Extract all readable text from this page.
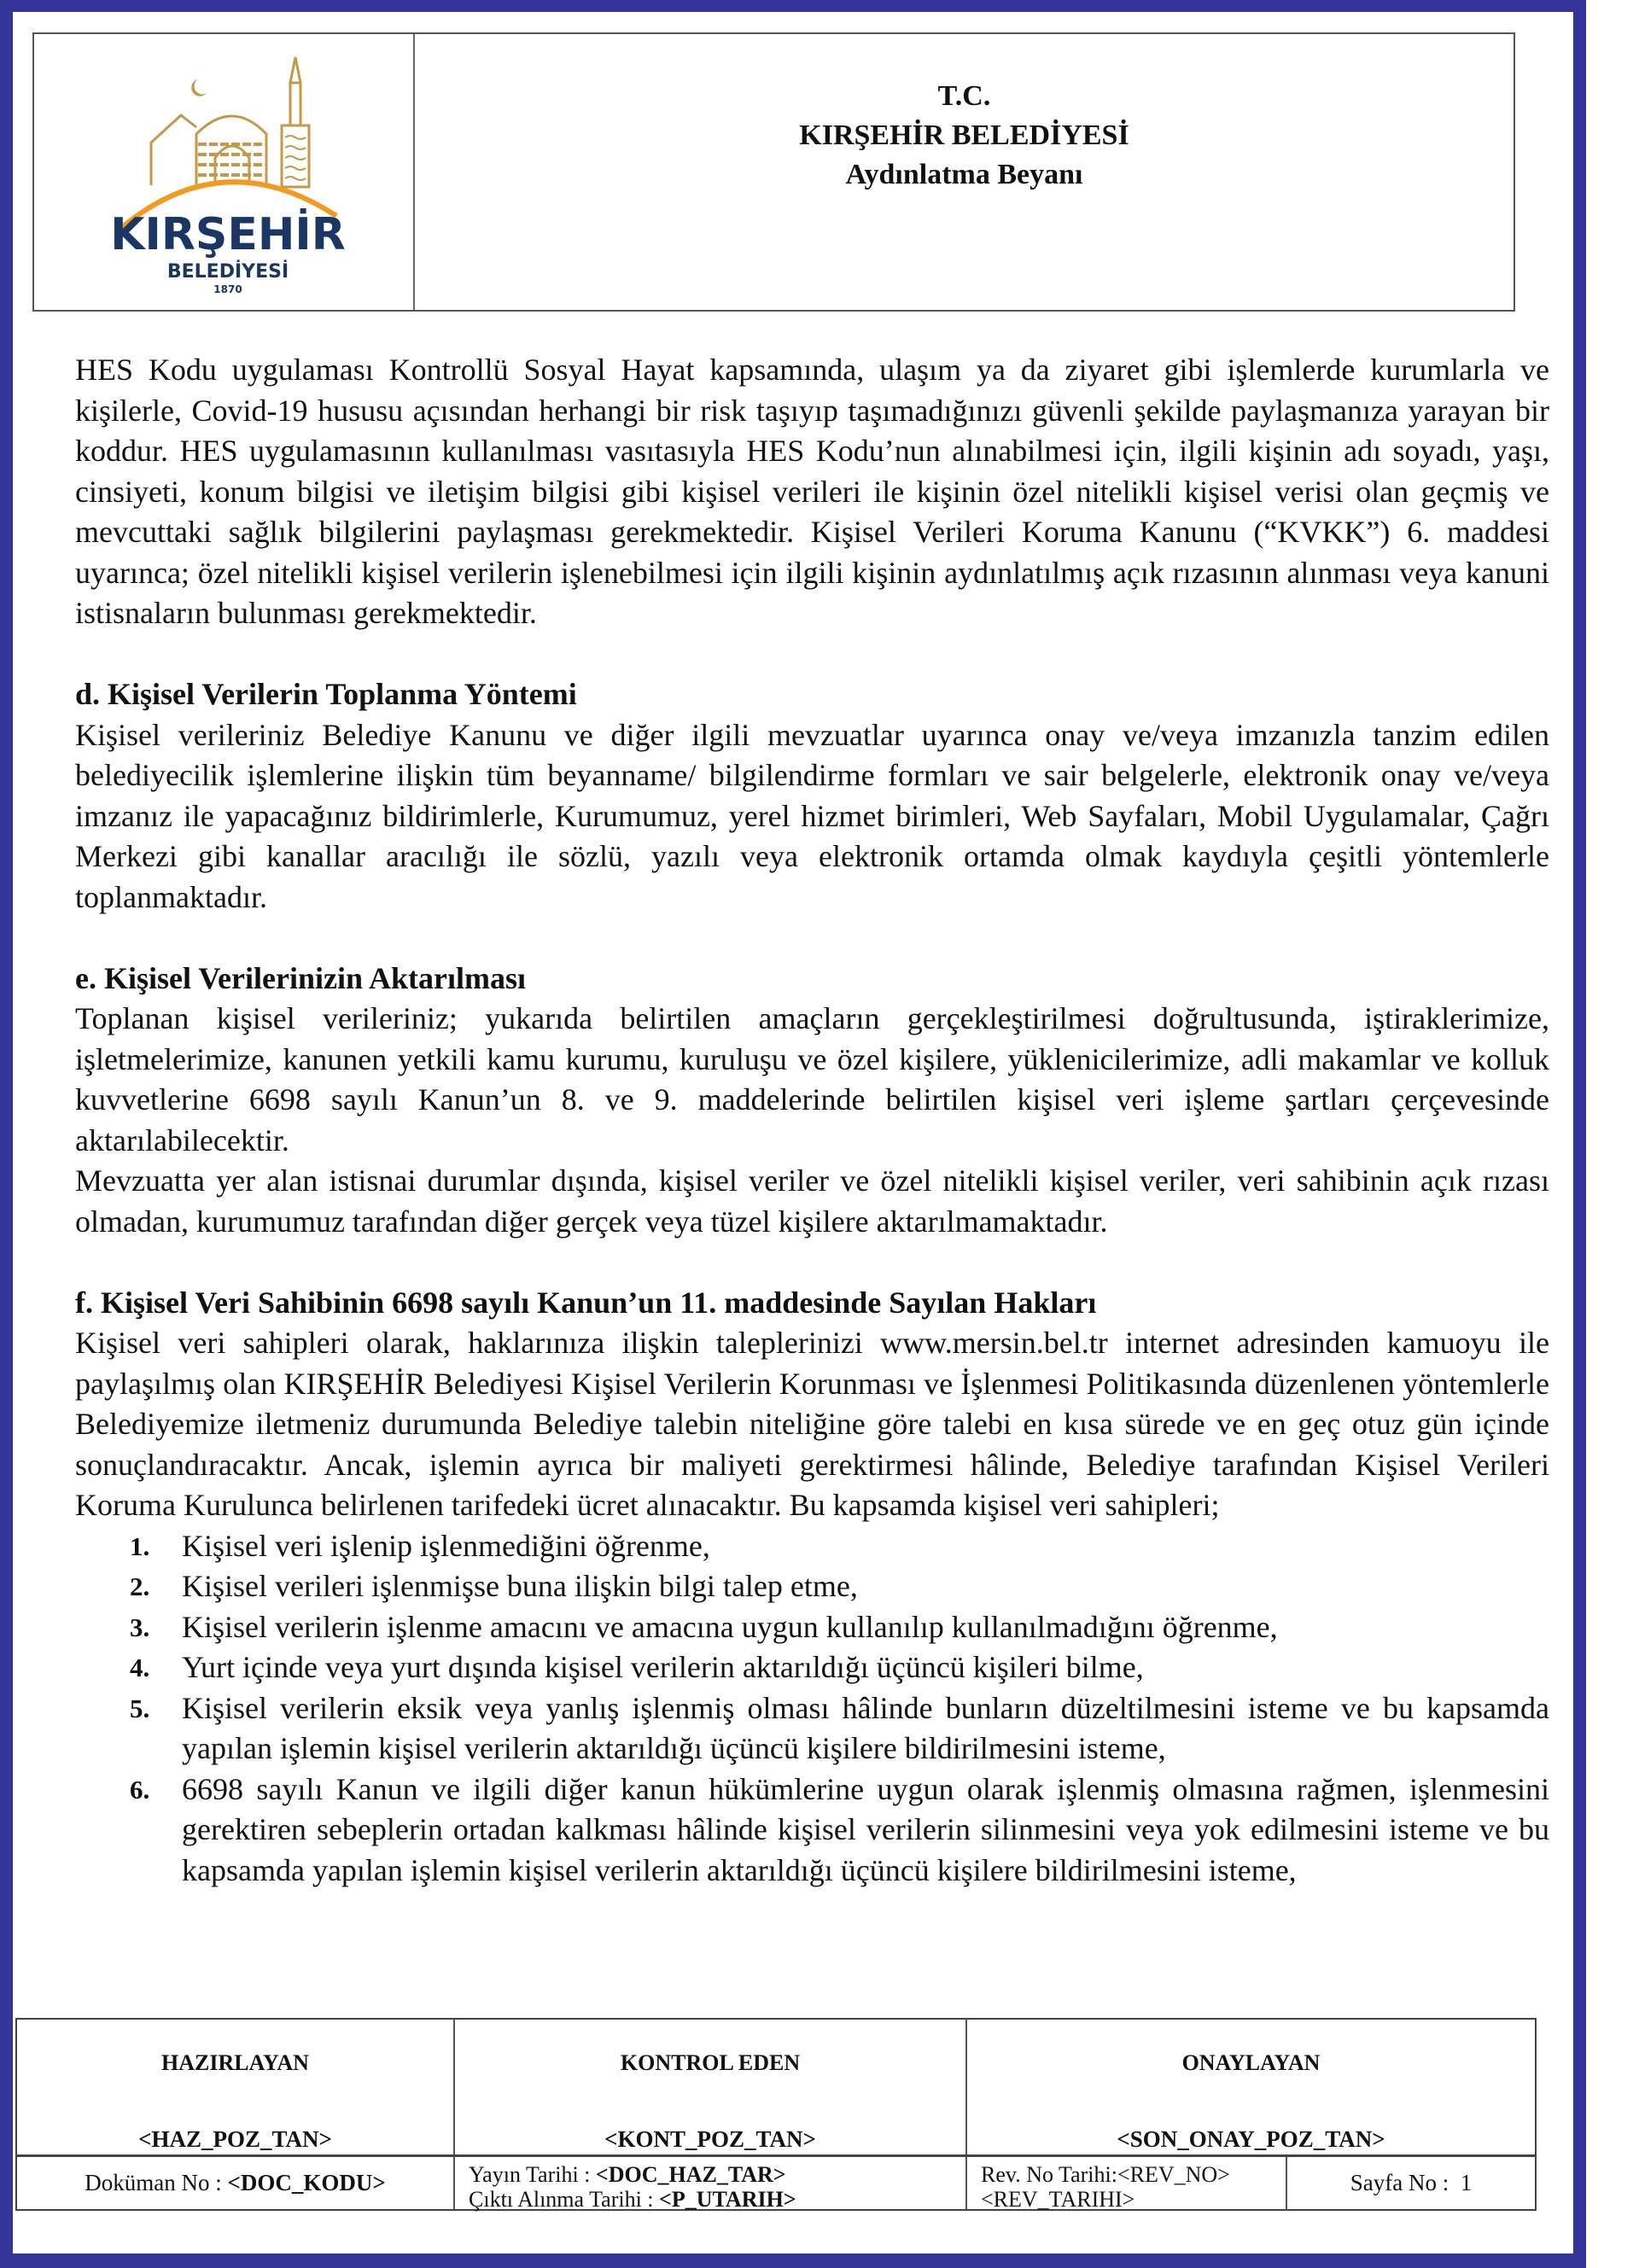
KIRŞEHİR
BELEDİYESİ
1870
T.C.
KIRŞEHİR BELEDİYESİ
Aydınlatma Beyanı

HES Kodu uygulaması Kontrollü Sosyal Hayat kapsamında, ulaşım ya da ziyaret gibi işlemlerde kurumlarla ve kişilerle, Covid-19 hususu açısından herhangi bir risk taşıyıp taşımadığınızı güvenli şekilde paylaşmanıza yarayan bir koddur. HES uygulamasının kullanılması vasıtasıyla HES Kodu’nun alınabilmesi için, ilgili kişinin adı soyadı, yaşı, cinsiyeti, konum bilgisi ve iletişim bilgisi gibi kişisel verileri ile kişinin özel nitelikli kişisel verisi olan geçmiş ve mevcuttaki sağlık bilgilerini paylaşması gerekmektedir. Kişisel Verileri Koruma Kanunu (“KVKK”) 6. maddesi uyarınca; özel nitelikli kişisel verilerin işlenebilmesi için ilgili kişinin aydınlatılmış açık rızasının alınması veya kanuni istisnaların bulunması gerekmektedir.

d. Kişisel Verilerin Toplanma Yöntemi

Kişisel verileriniz Belediye Kanunu ve diğer ilgili mevzuatlar uyarınca onay ve/veya imzanızla tanzim edilen belediyecilik işlemlerine ilişkin tüm beyanname/ bilgilendirme formları ve sair belgelerle, elektronik onay ve/veya imzanız ile yapacağınız bildirimlerle, Kurumumuz, yerel hizmet birimleri, Web Sayfaları, Mobil Uygulamalar, Çağrı Merkezi gibi kanallar aracılığı ile sözlü, yazılı veya elektronik ortamda olmak kaydıyla çeşitli yöntemlerle toplanmaktadır.

e. Kişisel Verilerinizin Aktarılması

Toplanan kişisel verileriniz; yukarıda belirtilen amaçların gerçekleştirilmesi doğrultusunda, iştiraklerimize, işletmelerimize, kanunen yetkili kamu kurumu, kuruluşu ve özel kişilere, yüklenicilerimize, adli makamlar ve kolluk kuvvetlerine 6698 sayılı Kanun’un 8. ve 9. maddelerinde belirtilen kişisel veri işleme şartları çerçevesinde aktarılabilecektir.

Mevzuatta yer alan istisnai durumlar dışında, kişisel veriler ve özel nitelikli kişisel veriler, veri sahibinin açık rızası olmadan, kurumumuz tarafından diğer gerçek veya tüzel kişilere aktarılmamaktadır.

f. Kişisel Veri Sahibinin 6698 sayılı Kanun’un 11. maddesinde Sayılan Hakları

Kişisel veri sahipleri olarak, haklarınıza ilişkin taleplerinizi www.mersin.bel.tr internet adresinden kamuoyu ile paylaşılmış olan KIRŞEHİR Belediyesi Kişisel Verilerin Korunması ve İşlenmesi Politikasında düzenlenen yöntemlerle Belediyemize iletmeniz durumunda Belediye talebin niteliğine göre talebi en kısa sürede ve en geç otuz gün içinde sonuçlandıracaktır. Ancak, işlemin ayrıca bir maliyeti gerektirmesi hâlinde, Belediye tarafından Kişisel Verileri Koruma Kurulunca belirlenen tarifedeki ücret alınacaktır. Bu kapsamda kişisel veri sahipleri;

1. Kişisel veri işlenip işlenmediğini öğrenme,
2. Kişisel verileri işlenmişse buna ilişkin bilgi talep etme,
3. Kişisel verilerin işlenme amacını ve amacına uygun kullanılıp kullanılmadığını öğrenme,
4. Yurt içinde veya yurt dışında kişisel verilerin aktarıldığı üçüncü kişileri bilme,
5. Kişisel verilerin eksik veya yanlış işlenmiş olması hâlinde bunların düzeltilmesini isteme ve bu kapsamda yapılan işlemin kişisel verilerin aktarıldığı üçüncü kişilere bildirilmesini isteme,
6. 6698 sayılı Kanun ve ilgili diğer kanun hükümlerine uygun olarak işlenmiş olmasına rağmen, işlenmesini gerektiren sebeplerin ortadan kalkması hâlinde kişisel verilerin silinmesini veya yok edilmesini isteme ve bu kapsamda yapılan işlemin kişisel verilerin aktarıldığı üçüncü kişilere bildirilmesini isteme,
HAZIRLAYAN
<HAZ_POZ_TAN>
KONTROL EDEN
<KONT_POZ_TAN>
ONAYLAYAN
<SON_ONAY_POZ_TAN>
Doküman No :
<DOC_KODU>	Yayın Tarihi : <DOC_HAZ_TAR>
Çıktı Alınma Tarihi : <P_UTARIH>
Rev. No Tarihi:<REV_NO>
<REV_TARIHI>
Sayfa No :
1
